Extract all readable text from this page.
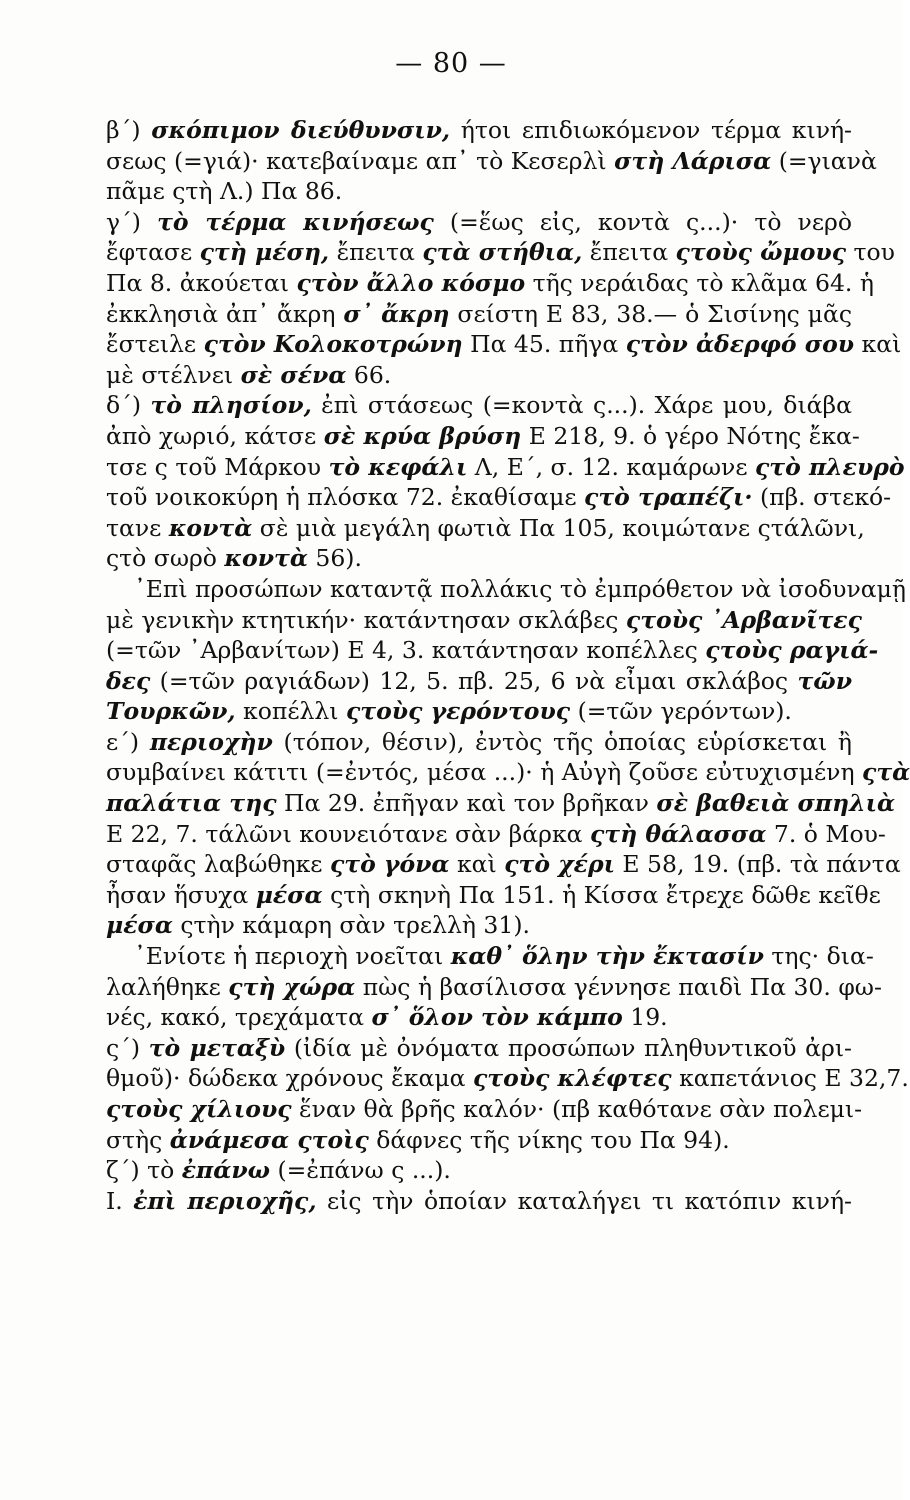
— 80 —
β΄) σκόπιμον διεύθυνσιν, ήτοι επιδιωκόμενον τέρμα κινή-
σεως (=γιά)· κατεβαίναμε απ᾿ τὸ Κεσερλὶ στὴ Λάρισα (=γιανὰ
πᾶμε ςτὴ Λ.) Πα 86.
γ΄) τὸ τέρμα κινήσεως (=ἕως εἰς, κοντὰ ς...)· τὸ νερὸ
ἔφτασε ςτὴ μέση, ἔπειτα ςτὰ στήθια, ἔπειτα ςτοὺς ὤμους του
Πα 8. ἀκούεται ςτὸν ἄλλο κόσμο τῆς νεράιδας τὸ κλᾶμα 64. ἡ
ἐκκλησιὰ ἀπ᾿ ἄκρη σ᾿ ἄκρη σείστη Ε 83, 38.— ὁ Σισίνης μᾶς
ἔστειλε ςτὸν Κολοκοτρώνη Πα 45. πῆγα ςτὸν ἀδερφό σου καὶ
μὲ στέλνει σὲ σένα 66.
δ΄) τὸ πλησίον, ἐπὶ στάσεως (=κοντὰ ς...). Χάρε μου, διάβα
ἀπὸ χωριό, κάτσε σὲ κρύα βρύση Ε 218, 9. ὁ γέρο Νότης ἔκα-
τσε ς τοῦ Μάρκου τὸ κεφάλι Λ, Ε΄, σ. 12. καμάρωνε ςτὸ πλευρὸ
τοῦ νοικοκύρη ἡ πλόσκα 72. ἐκαθίσαμε ςτὸ τραπέζι· (πβ. στεκό-
τανε κοντὰ σὲ μιὰ μεγάλη φωτιὰ Πα 105, κοιμώτανε ςτάλῶνι,
ςτὸ σωρὸ κοντὰ 56).
᾿Επὶ προσώπων καταντᾷ πολλάκις τὸ ἐμπρόθετον νὰ ἰσοδυναμῇ
μὲ γενικὴν κτητικήν· κατάντησαν σκλάβες ςτοὺς ᾿Αρβανῖτες
(=τῶν ᾿Αρβανίτων) Ε 4, 3. κατάντησαν κοπέλλες ςτοὺς ραγιά-
δες (=τῶν ραγιάδων) 12, 5. πβ. 25, 6 νὰ εἶμαι σκλάβος τῶν
Τουρκῶν, κοπέλλι ςτοὺς γερόντους (=τῶν γερόντων).
ε΄) περιοχὴν (τόπον, θέσιν), ἐντὸς τῆς ὁποίας εὑρίσκεται ἢ
συμβαίνει κάτιτι (=ἐντός, μέσα ...)· ἡ Αὐγὴ ζοῦσε εὐτυχισμένη ςτὰ
παλάτια της Πα 29. ἐπῆγαν καὶ τον βρῆκαν σὲ βαθειὰ σπηλιὰ
Ε 22, 7. τάλῶνι κουνειότανε σὰν βάρκα ςτὴ θάλασσα 7. ὁ Μου-
σταφᾶς λαβώθηκε ςτὸ γόνα καὶ ςτὸ χέρι Ε 58, 19. (πβ. τὰ πάντα
ἦσαν ἥσυχα μέσα ςτὴ σκηνὴ Πα 151. ἡ Κίσσα ἔτρεχε δῶθε κεῖθε
μέσα ςτὴν κάμαρη σὰν τρελλὴ 31).
᾿Ενίοτε ἡ περιοχὴ νοεῖται καθ᾿ ὅλην τὴν ἔκτασίν της· δια-
λαλήθηκε ςτὴ χώρα πὼς ἡ βασίλισσα γέννησε παιδὶ Πα 30. φω-
νές, κακό, τρεχάματα σ᾿ ὅλον τὸν κάμπο 19.
ς΄) τὸ μεταξὺ (ἰδία μὲ ὀνόματα προσώπων πληθυντικοῦ ἀρι-
θμοῦ)· δώδεκα χρόνους ἔκαμα ςτοὺς κλέφτες καπετάνιος Ε 32,7.
ςτοὺς χίλιους ἕναν θὰ βρῆς καλόν· (πβ καθότανε σὰν πολεμι-
στὴς ἀνάμεσα ςτοὶς δάφνες τῆς νίκης του Πα 94).
ζ΄) τὸ ἐπάνω (=ἐπάνω ς ...).
Ι. ἐπὶ περιοχῆς, εἰς τὴν ὁποίαν καταλήγει τι κατόπιν κινή-
